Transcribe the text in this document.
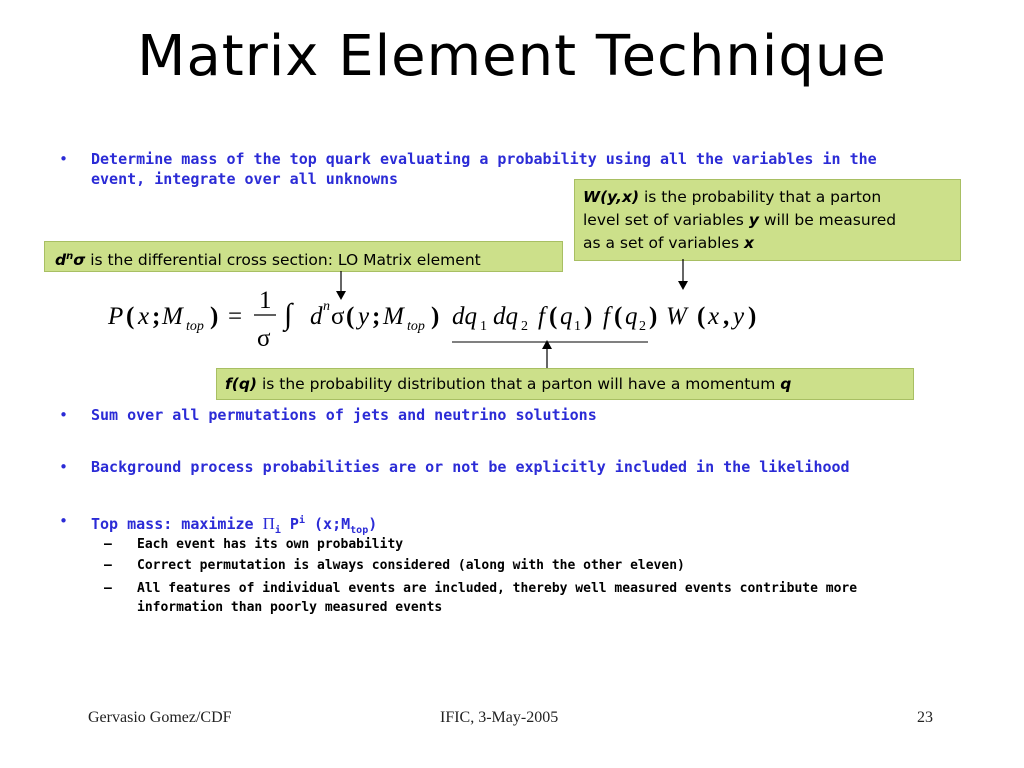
Matrix Element Technique
• Determine mass of the top quark evaluating a probability using all the variables in the
event, integrate over all unknowns
W(y,x) is the probability that a parton
level set of variables y will be measured
as a set of variables x
$d^n\sigma$ is the differential cross section: LO Matrix element
P ( x ; M top ) =
1
σ
∫ d n σ ( y ; M top ) dq 1 dq 2 f ( q 1 ) f ( q 2 ) W ( x , y )
f(q) is the probability distribution that a parton will have a momentum q
• Sum over all permutations of jets and neutrino solutions
• Background process probabilities are or not be explicitly included in the likelihood
• Top mass: maximize $\Pi_i$ $P^i$ $(x;M_{top})$
– Each event has its own probability
– Correct permutation is always considered (along with the other eleven)
– All features of individual events are included, thereby well measured events contribute more
information than poorly measured events
Gervasio Gomez/CDF	IFIC, 3-May-2005	23
